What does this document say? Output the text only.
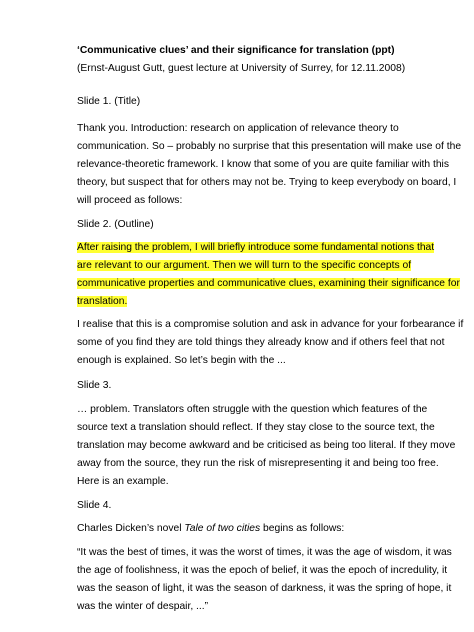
‘Communicative clues’ and their significance for translation (ppt)
(Ernst-August Gutt, guest lecture at University of Surrey, for 12.11.2008)
Slide 1. (Title)
Thank you. Introduction: research on application of relevance theory to
communication. So – probably no surprise that this presentation will make use of the
relevance-theoretic framework. I know that some of you are quite familiar with this
theory, but suspect that for others may not be. Trying to keep everybody on board, I
will proceed as follows:
Slide 2. (Outline)
After raising the problem, I will briefly introduce some fundamental notions that
are relevant to our argument. Then we will turn to the specific concepts of
communicative properties and communicative clues, examining their significance for
translation.
I realise that this is a compromise solution and ask in advance for your forbearance if
some of you find they are told things they already know and if others feel that not
enough is explained. So let’s begin with the ...
Slide 3.
… problem. Translators often struggle with the question which features of the
source text a translation should reflect. If they stay close to the source text, the
translation may become awkward and be criticised as being too literal. If they move
away from the source, they run the risk of misrepresenting it and being too free.
Here is an example.
Slide 4.
Charles Dicken’s novel Tale of two cities begins as follows:
“It was the best of times, it was the worst of times, it was the age of wisdom, it was
the age of foolishness, it was the epoch of belief, it was the epoch of incredulity, it
was the season of light, it was the season of darkness, it was the spring of hope, it
was the winter of despair, ...”
